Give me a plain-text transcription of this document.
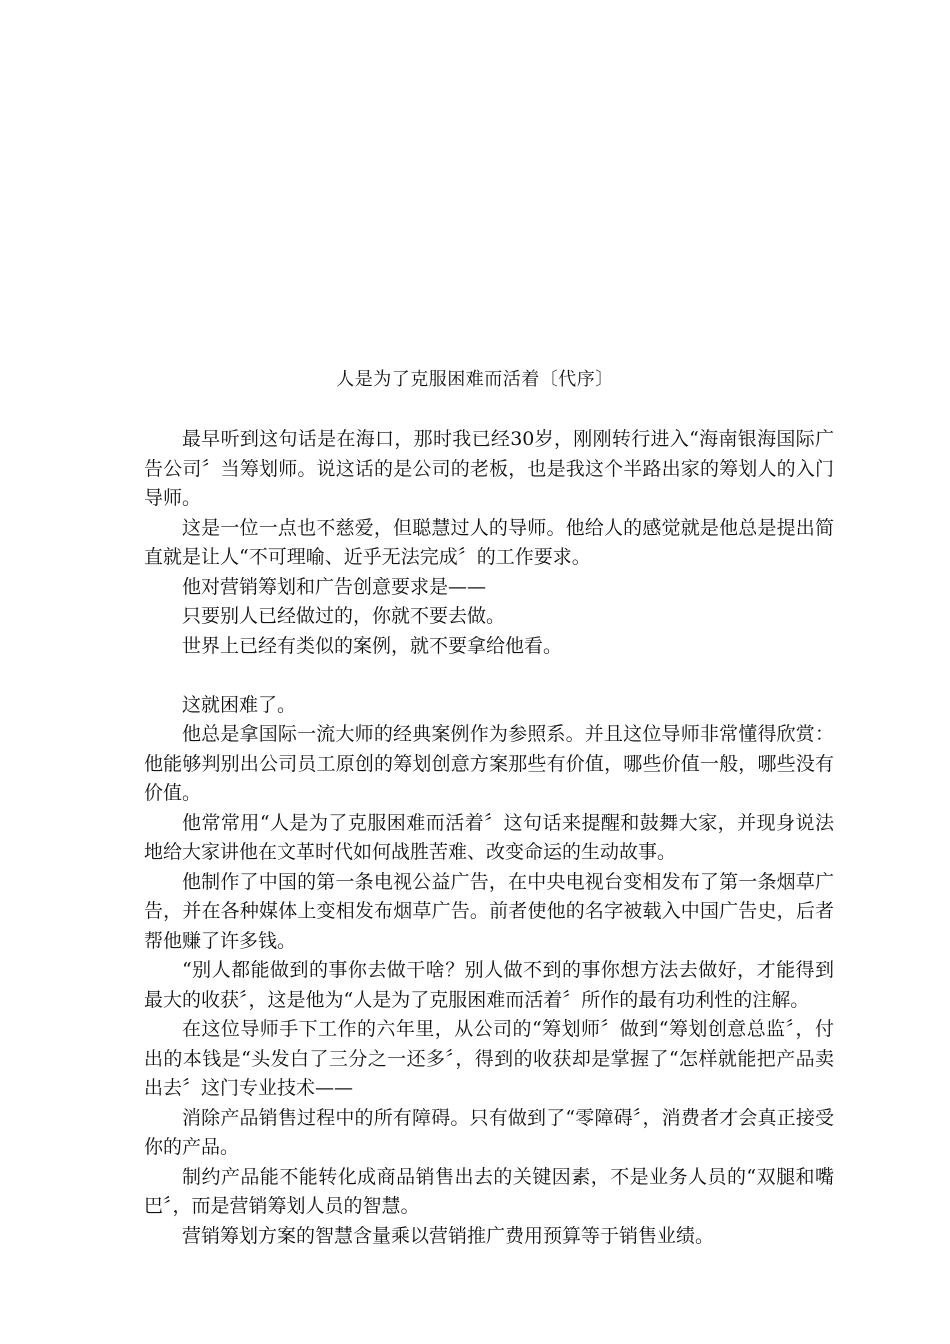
人是为了克服困难而活着〔代序〕

最早听到这句话是在海口，那时我已经30岁，刚刚转行进入“海南银海国际广告公司〞当筹划师。说这话的是公司的老板，也是我这个半路出家的筹划人的入门导师。

这是一位一点也不慈爱，但聪慧过人的导师。他给人的感觉就是他总是提出简直就是让人“不可理喻、近乎无法完成〞的工作要求。

他对营销筹划和广告创意要求是——

只要别人已经做过的，你就不要去做。

世界上已经有类似的案例，就不要拿给他看。

这就困难了。

他总是拿国际一流大师的经典案例作为参照系。并且这位导师非常懂得欣赏：他能够判别出公司员工原创的筹划创意方案那些有价值，哪些价值一般，哪些没有价值。

他常常用“人是为了克服困难而活着〞这句话来提醒和鼓舞大家，并现身说法地给大家讲他在文革时代如何战胜苦难、改变命运的生动故事。

他制作了中国的第一条电视公益广告，在中央电视台变相发布了第一条烟草广告，并在各种媒体上变相发布烟草广告。前者使他的名字被载入中国广告史，后者帮他赚了许多钱。

“别人都能做到的事你去做干啥？别人做不到的事你想方法去做好，才能得到最大的收获〞，这是他为“人是为了克服困难而活着〞所作的最有功利性的注解。

在这位导师手下工作的六年里，从公司的“筹划师〞做到“筹划创意总监〞，付出的本钱是“头发白了三分之一还多〞，得到的收获却是掌握了“怎样就能把产品卖出去〞这门专业技术——

消除产品销售过程中的所有障碍。只有做到了“零障碍〞，消费者才会真正接受你的产品。

制约产品能不能转化成商品销售出去的关键因素，不是业务人员的“双腿和嘴巴〞，而是营销筹划人员的智慧。

营销筹划方案的智慧含量乘以营销推广费用预算等于销售业绩。
